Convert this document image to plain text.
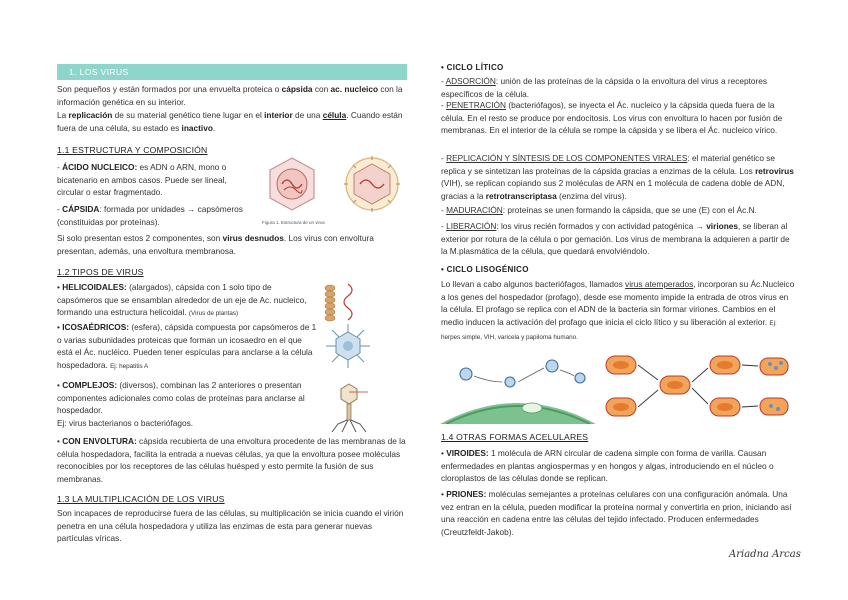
1. LOS VIRUS
Son pequeños y están formados por una envuelta proteica o cápsida con ac. nucleico con la información genética en su interior.
La replicación de su material genético tiene lugar en el interior de una célula. Cuando están fuera de una célula, su estado es inactivo.
1.1 ESTRUCTURA Y COMPOSICIÓN
- ÁCIDO NUCLEICO: es ADN o ARN, mono o bicatenario en ambos casos. Puede ser lineal, circular o estar fragmentado.
- CÁPSIDA: formada por unidades → capsómeros (constituidas por proteínas).	Figura 1. Estructura de un virus
Si solo presentan estos 2 componentes, son virus desnudos. Los virus con envoltura presentan, además, una envoltura membranosa.
1.2 TIPOS DE VIRUS
• HELICOIDALES: (alargados), cápsida con 1 solo tipo de capsómeros que se ensamblan alrededor de un eje de Ac. nucleico, formando una estructura helicoidal. (Virus de plantas)
• ICOSAÉDRICOS: (esfera), cápsida compuesta por capsómeros de 1 o varias subunidades proteicas que forman un icosaedro en el que está el Ác. nucléico. Pueden tener espículas para anclarse a la célula hospedadora. Ej: hepatitis A
• COMPLEJOS: (diversos), combinan las 2 anteriores o presentan componentes adicionales como colas de proteínas para anclarse al hospedador.
Ej: virus bacterianos o bacteriófagos.
• CON ENVOLTURA: cápsida recubierta de una envoltura procedente de las membranas de la célula hospedadora, facilita la entrada a nuevas células, ya que la envoltura posee moléculas reconocibles por los receptores de las células huésped y esto permite la fusión de sus membranas.
1.3 LA MULTIPLICACIÓN DE LOS VIRUS
Son incapaces de reproducirse fuera de las células, su multiplicación se inicia cuando el virión penetra en una célula hospedadora y utiliza las enzimas de esta para generar nuevas partículas víricas.
• CICLO LÍTICO
- ADSORCIÓN: unión de las proteínas de la cápsida o la envoltura del virus a receptores específicos de la célula.
- PENETRACIÓN (bacteriófagos), se inyecta el Ác. nucleico y la cápsida queda fuera de la célula. En el resto se produce por endocitosis. Los virus con envoltura lo hacen por fusión de membranas. En el interior de la célula se rompe la cápsida y se libera el Ác. nucleico vírico.
- REPLICACIÓN Y SÍNTESIS DE LOS COMPONENTES VIRALES: el material genético se replica y se sintetizan las proteínas de la cápsida gracias a enzimas de la célula. Los retrovirus (VIH), se replican copiando sus 2 moléculas de ARN en 1 molécula de cadena doble de ADN, gracias a la retrotranscriptasa (enzima del virus).
- MADURACIÓN: proteínas se unen formando la cápsida, que se une (E) con el Ác.N.
- LIBERACIÓN: los virus recién formados y con actividad patogénica → viriones, se liberan al exterior por rotura de la célula o por gemación. Los virus de membrana la adquieren a partir de la M.plasmática de la célula, que quedará envolviéndolo.
• CICLO LISOGÉNICO
Lo llevan a cabo algunos bacteriófagos, llamados virus atemperados, incorporan su Ác.Nucleico a los genes del hospedador (profago), desde ese momento impide la entrada de otros virus en la célula. El profago se replica con el ADN de la bacteria sin formar viriones. Cambios en el medio inducen la activación del profago que inicia el ciclo lítico y su liberación al exterior. Ej: herpes simple, VIH, varicela y papiloma humano.
1.4 OTRAS FORMAS ACELULARES
• VIROIDES: 1 molécula de ARN circular de cadena simple con forma de varilla. Causan enfermedades en plantas angiospermas y en hongos y algas, introduciendo en el núcleo o cloroplastos de las células donde se replican.
• PRIONES: moléculas semejantes a proteínas celulares con una configuración anómala. Una vez entran en la célula, pueden modificar la proteína normal y convertirla en prion, iniciando así una reacción en cadena entre las células del tejido infectado. Producen enfermedades (Creutzfeldt-Jakob).
Ariadna Arcas
